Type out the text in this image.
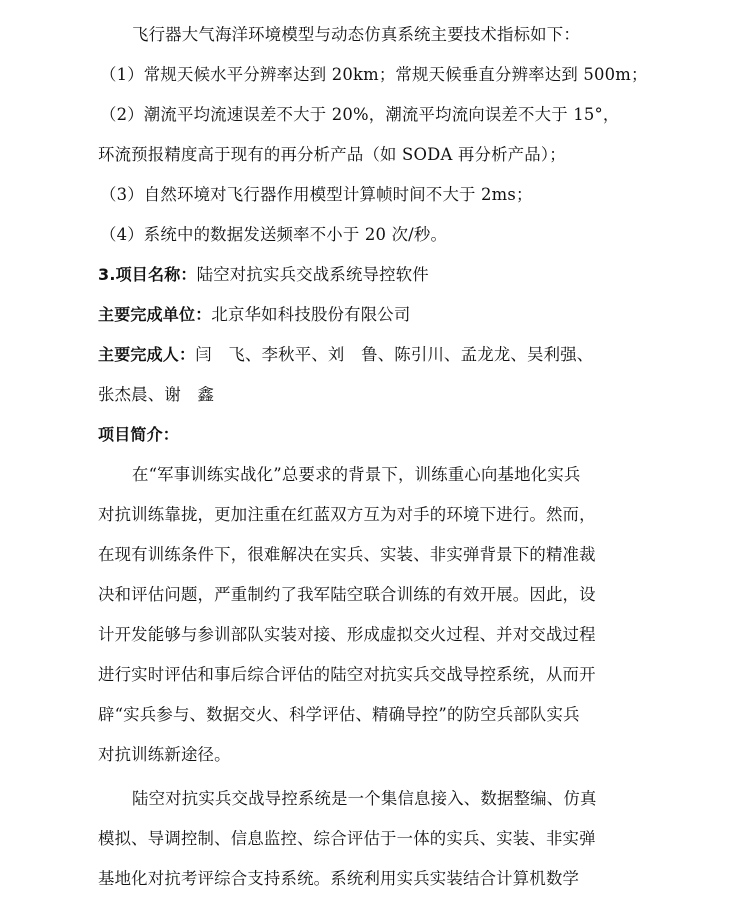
飞行器大气海洋环境模型与动态仿真系统主要技术指标如下：
（1）常规天候水平分辨率达到 20km；常规天候垂直分辨率达到 500m；
（2）潮流平均流速误差不大于 20%，潮流平均流向误差不大于 15°，
环流预报精度高于现有的再分析产品（如 SODA 再分析产品）；
（3）自然环境对飞行器作用模型计算帧时间不大于 2ms；
（4）系统中的数据发送频率不小于 20 次/秒。
3.项目名称：陆空对抗实兵交战系统导控软件
主要完成单位：北京华如科技股份有限公司
主要完成人：闫　飞、李秋平、刘　鲁、陈引川、孟龙龙、吴利强、
张杰晨、谢　鑫
项目简介：
在“军事训练实战化”总要求的背景下，训练重心向基地化实兵
对抗训练靠拢，更加注重在红蓝双方互为对手的环境下进行。然而，
在现有训练条件下，很难解决在实兵、实装、非实弹背景下的精准裁
决和评估问题，严重制约了我军陆空联合训练的有效开展。因此，设
计开发能够与参训部队实装对接、形成虚拟交火过程、并对交战过程
进行实时评估和事后综合评估的陆空对抗实兵交战导控系统，从而开
辟“实兵参与、数据交火、科学评估、精确导控”的防空兵部队实兵
对抗训练新途径。
陆空对抗实兵交战导控系统是一个集信息接入、数据整编、仿真
模拟、导调控制、信息监控、综合评估于一体的实兵、实装、非实弹
基地化对抗考评综合支持系统。系统利用实兵实装结合计算机数学
